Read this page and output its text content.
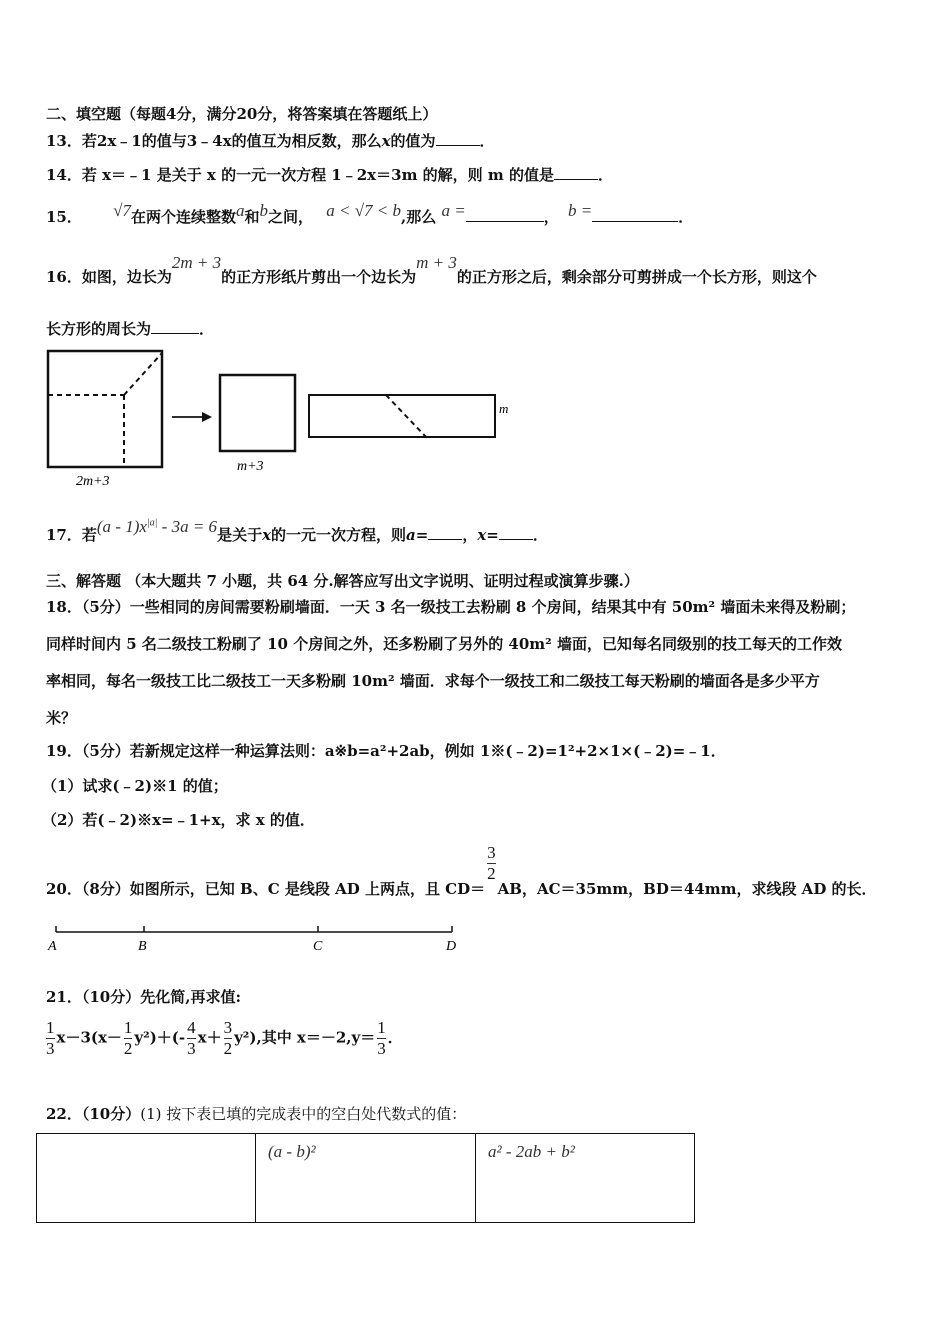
二、填空题（每题4分，满分20分，将答案填在答题纸上）
13．若2x﹣1的值与3﹣4x的值互为相反数，那么x的值为	．
14．若 x＝﹣1 是关于 x 的一元一次方程 1﹣2x＝3m 的解，则 m 的值是	．
15． √7在两个连续整数a和b之间， a < √7 < b,那么 a =	， b =	．
16．如图，边长为2m + 3的正方形纸片剪出一个边长为m + 3的正方形之后，剩余部分可剪拼成一个长方形，则这个
长方形的周长为	．
2m+3
m+3
m
17．若$(a - 1)x^{|a|} - 3a = 6$是关于x的一元一次方程，则a= ，x= ．
三、解答题 （本大题共 7 小题，共 64 分.解答应写出文字说明、证明过程或演算步骤.）
18．（5分）一些相同的房间需要粉刷墙面．一天 3 名一级技工去粉刷 8 个房间，结果其中有 50m² 墙面未来得及粉刷；
同样时间内 5 名二级技工粉刷了 10 个房间之外，还多粉刷了另外的 40m² 墙面，已知每名同级别的技工每天的工作效
率相同，每名一级技工比二级技工一天多粉刷 10m² 墙面．求每个一级技工和二级技工每天粉刷的墙面各是多少平方
米？
19．（5分）若新规定这样一种运算法则：a※b=a²+2ab，例如 1※(﹣2)=1²+2×1×(﹣2)=﹣1．
（1）试求(﹣2)※1 的值；
（2）若(﹣2)※x=﹣1+x，求 x 的值．
20．（8分）如图所示，已知 B、C 是线段 AD 上两点，且 CD＝
$\frac{3}{2}$
AB，AC＝35mm，BD＝44mm，求线段 AD 的长．
A	B	C	D
21．（10分）先化简,再求值:
$\frac{1}{3} x-3(x- \frac{1}{2} y^2)+(- \frac{4}{3} x+ \frac{3}{2} y^2)$,其中 $x=-2,y= \frac{1}{3}$ ．
22．（10分）(1) 按下表已填的完成表中的空白处代数式的值：
	(a - b)²	a² - 2ab + b²
